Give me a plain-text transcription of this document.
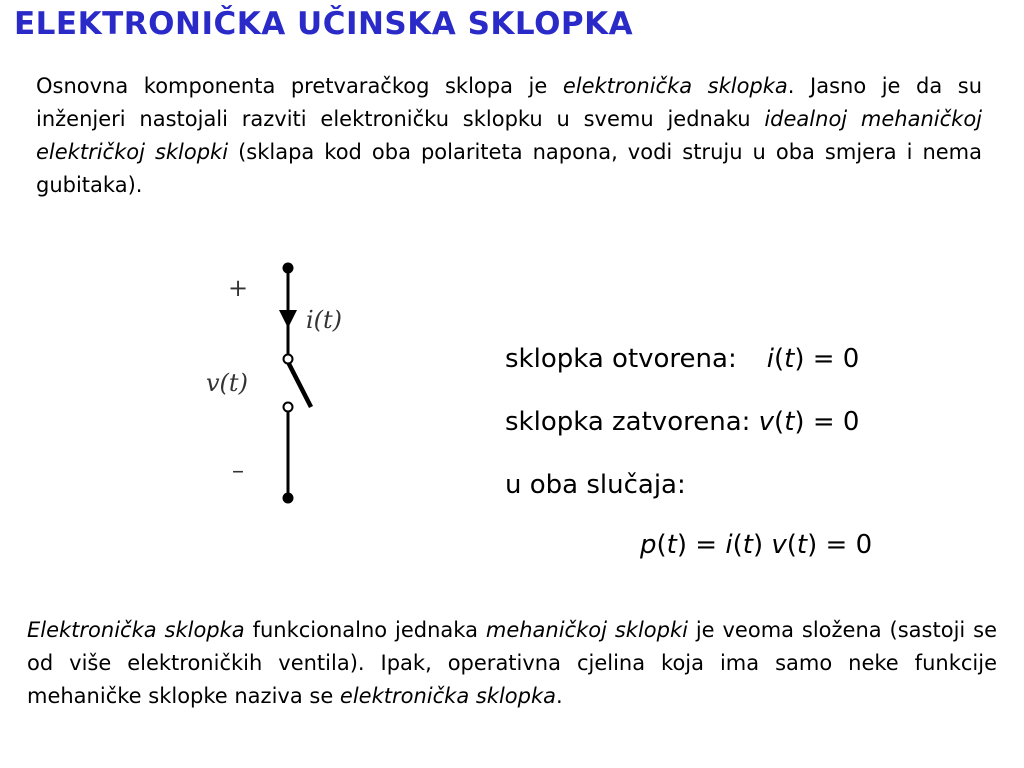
ELEKTRONIČKA UČINSKA SKLOPKA

Osnovna komponenta pretvaračkog sklopa je elektronička sklopka. Jasno je da su inženjeri nastojali razviti elektroničku sklopku u svemu jednaku idealnoj mehaničkoj električkoj sklopki (sklapa kod oba polariteta napona, vodi struju u oba smjera i nema gubitaka).

+
i(t)
v(t)
–
sklopka otvorena: i(t) = 0
sklopka zatvorena: v(t) = 0
u oba slučaja:
p(t) = i(t) v(t) = 0

Elektronička sklopka funkcionalno jednaka mehaničkoj sklopki je veoma složena (sastoji se od više elektroničkih ventila). Ipak, operativna cjelina koja ima samo neke funkcije mehaničke sklopke naziva se elektronička sklopka.
